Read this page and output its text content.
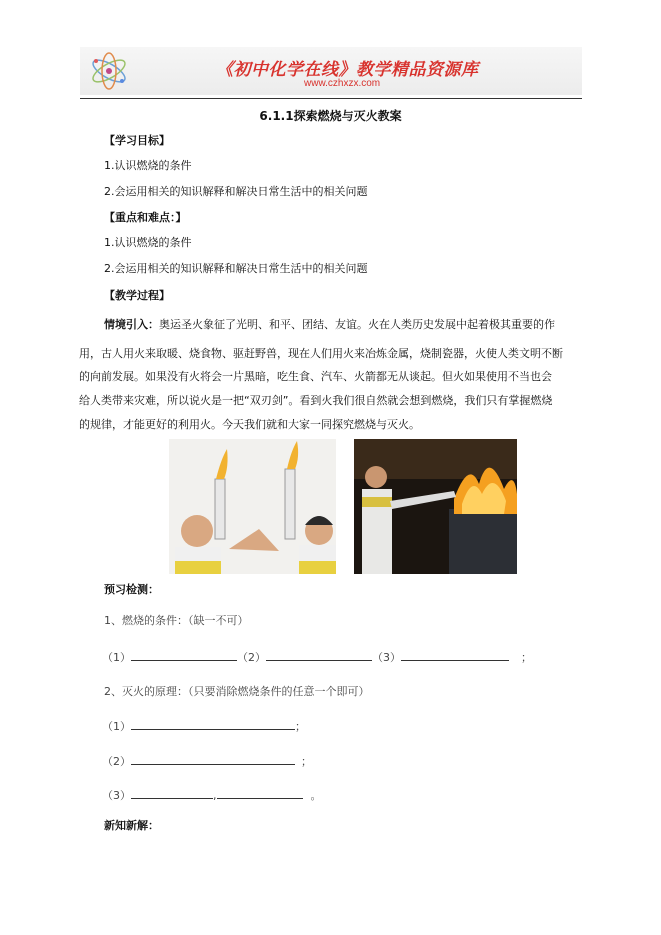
《初中化学在线》教学精品资源库
www.czhxzx.com
6.1.1探索燃烧与灭火教案
【学习目标】
1.认识燃烧的条件
2.会运用相关的知识解释和解决日常生活中的相关问题
【重点和难点：】
1.认识燃烧的条件
2.会运用相关的知识解释和解决日常生活中的相关问题
【教学过程】
情境引入：奥运圣火象征了光明、和平、团结、友谊。火在人类历史发展中起着极其重要的作
用，古人用火来取暖、烧食物、驱赶野兽，现在人们用火来冶炼金属，烧制瓷器，火使人类文明不断
的向前发展。如果没有火将会一片黑暗，吃生食、汽车、火箭都无从谈起。但火如果使用不当也会
给人类带来灾难，所以说火是一把“双刃剑”。看到火我们很自然就会想到燃烧，我们只有掌握燃烧
的规律，才能更好的利用火。今天我们就和大家一同探究燃烧与灭火。
预习检测：
1、燃烧的条件：（缺一不可）
（1）	（2）	（3）	；
2、灭火的原理：（只要消除燃烧条件的任意一个即可）
（1）	；
（2）	；
（3）	,	。
新知新解：
